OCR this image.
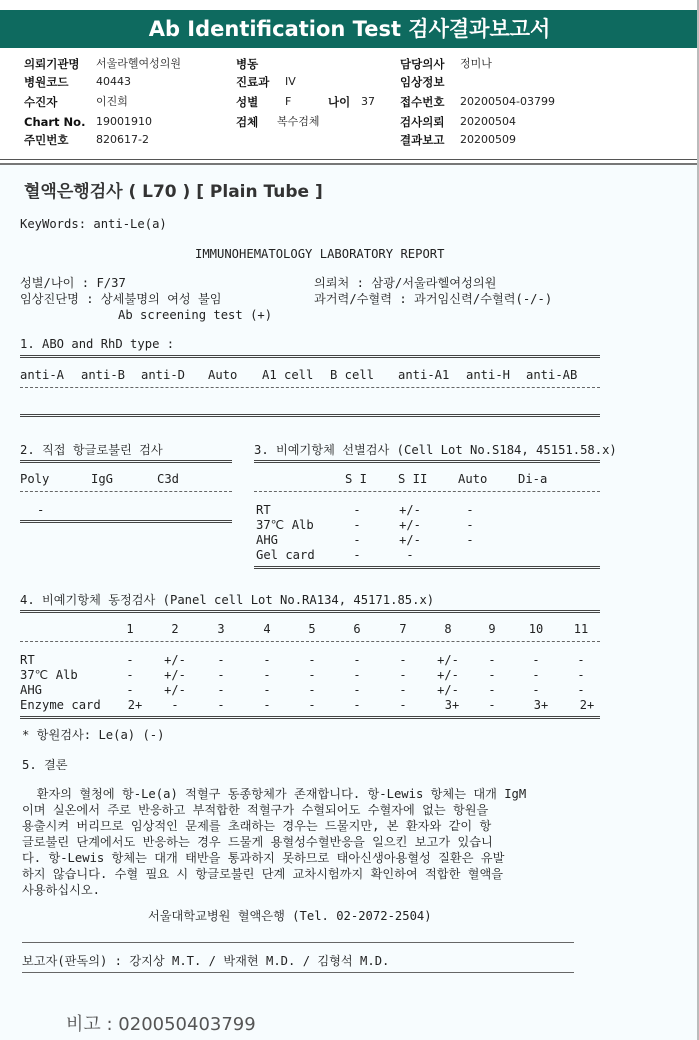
Ab Identification Test 검사결과보고서
의뢰기관명 서울라헬여성의원	병동	담당의사 정미나
병원코드	40443	진료과 IV	임상정보
수진자	이진희	성별 F	나이 37 접수번호 20200504-03799
Chart No. 19001910	검체 복수검체	검사의뢰 20200504
주민번호	820617-2	결과보고 20200509
혈액은행검사 ( L70 ) [ Plain Tube ]
KeyWords: anti-Le(a)
IMMUNOHEMATOLOGY LABORATORY REPORT
성별/나이 : F/37	의뢰처 : 삼광/서울라헬여성의원
임상진단명 : 상세불명의 여성 불임	과거력/수혈력 : 과거임신력/수혈력(-/-)
Ab screening test (+)
1. ABO and RhD type :
anti-A anti-B anti-D Auto A1 cell B cell anti-A1 anti-H anti-AB
2. 직접 항글로불린 검사
Poly	IgG	C3d
-
3. 비예기항체 선별검사 (Cell Lot No.S184, 45151.58.x)
S I	S II	Auto	Di-a
RT	-	+/-	-
37℃ Alb	-	+/-	-
AHG	-	+/-	-
Gel card	-	-
4. 비예기항체 동정검사 (Panel cell Lot No.RA134, 45171.85.x)
1	2	3	4	5	6	7	8	9	10	11
RT	-	+/-	-	-	-	-	-	+/-	-	-	-
37℃ Alb	-	+/-	-	-	-	-	-	+/-	-	-	-
AHG	-	+/-	-	-	-	-	-	+/-	-	-	-
Enzyme card	2+	-	-	-	-	-	-	3+	-	3+	2+
* 항원검사: Le(a) (-)
5. 결론
환자의 혈청에 항-Le(a) 적혈구 동종항체가 존재합니다. 항-Lewis 항체는 대개 IgM
이며 실온에서 주로 반응하고 부적합한 적혈구가 수혈되어도 수혈자에 없는 항원을
용출시켜 버리므로 임상적인 문제를 초래하는 경우는 드물지만, 본 환자와 같이 항
글로불린 단계에서도 반응하는 경우 드물게 용혈성수혈반응을 일으킨 보고가 있습니
다. 항-Lewis 항체는 대개 태반을 통과하지 못하므로 태아신생아용혈성 질환은 유발
하지 않습니다. 수혈 필요 시 항글로불린 단계 교차시험까지 확인하여 적합한 혈액을
사용하십시오.
서울대학교병원 혈액은행 (Tel. 02-2072-2504)
보고자(판독의) : 강지상 M.T. / 박재현 M.D. / 김형석 M.D.
비고 : 020050403799
